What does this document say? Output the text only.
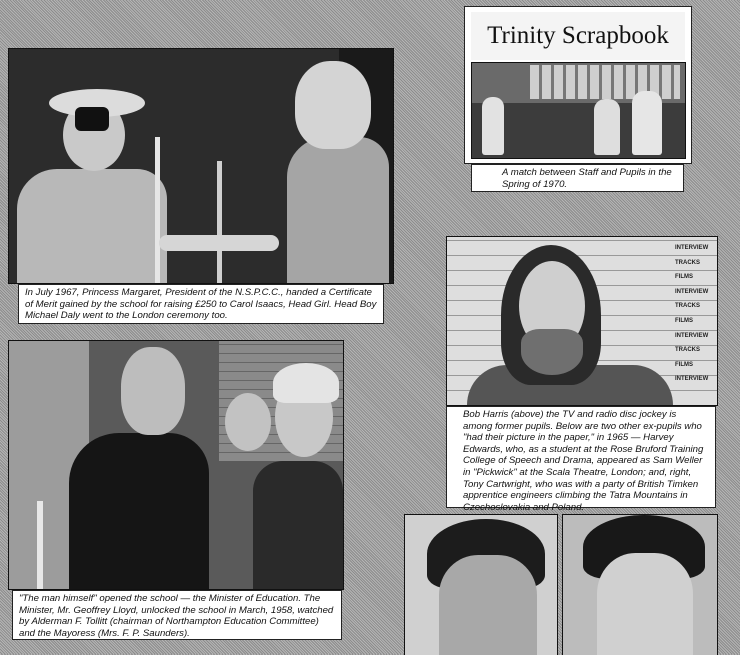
Trinity Scrapbook
A match between Staff and Pupils in the Spring of 1970.
In July 1967, Princess Margaret, President of the N.S.P.C.C., handed a Certificate of Merit gained by the school for raising £250 to Carol Isaacs, Head Girl. Head Boy Michael Daly went to the London ceremony too.
INTERVIEW
TRACKS
FILMS
INTERVIEW
TRACKS
FILMS
INTERVIEW
TRACKS
FILMS
INTERVIEW
Bob Harris (above) the TV and radio disc jockey is among former pupils. Below are two other ex-pupils who "had their picture in the paper," in 1965 — Harvey Edwards, who, as a student at the Rose Bruford Training College of Speech and Drama, appeared as Sam Weller in "Pickwick" at the Scala Theatre, London; and, right, Tony Cartwright, who was with a party of British Timken apprentice engineers climbing the Tatra Mountains in Czechoslovakia and Poland.
"The man himself" opened the school — the Minister of Education. The Minister, Mr. Geoffrey Lloyd, unlocked the school in March, 1958, watched by Alderman F. Tollitt (chairman of Northampton Education Committee) and the Mayoress (Mrs. F. P. Saunders).
